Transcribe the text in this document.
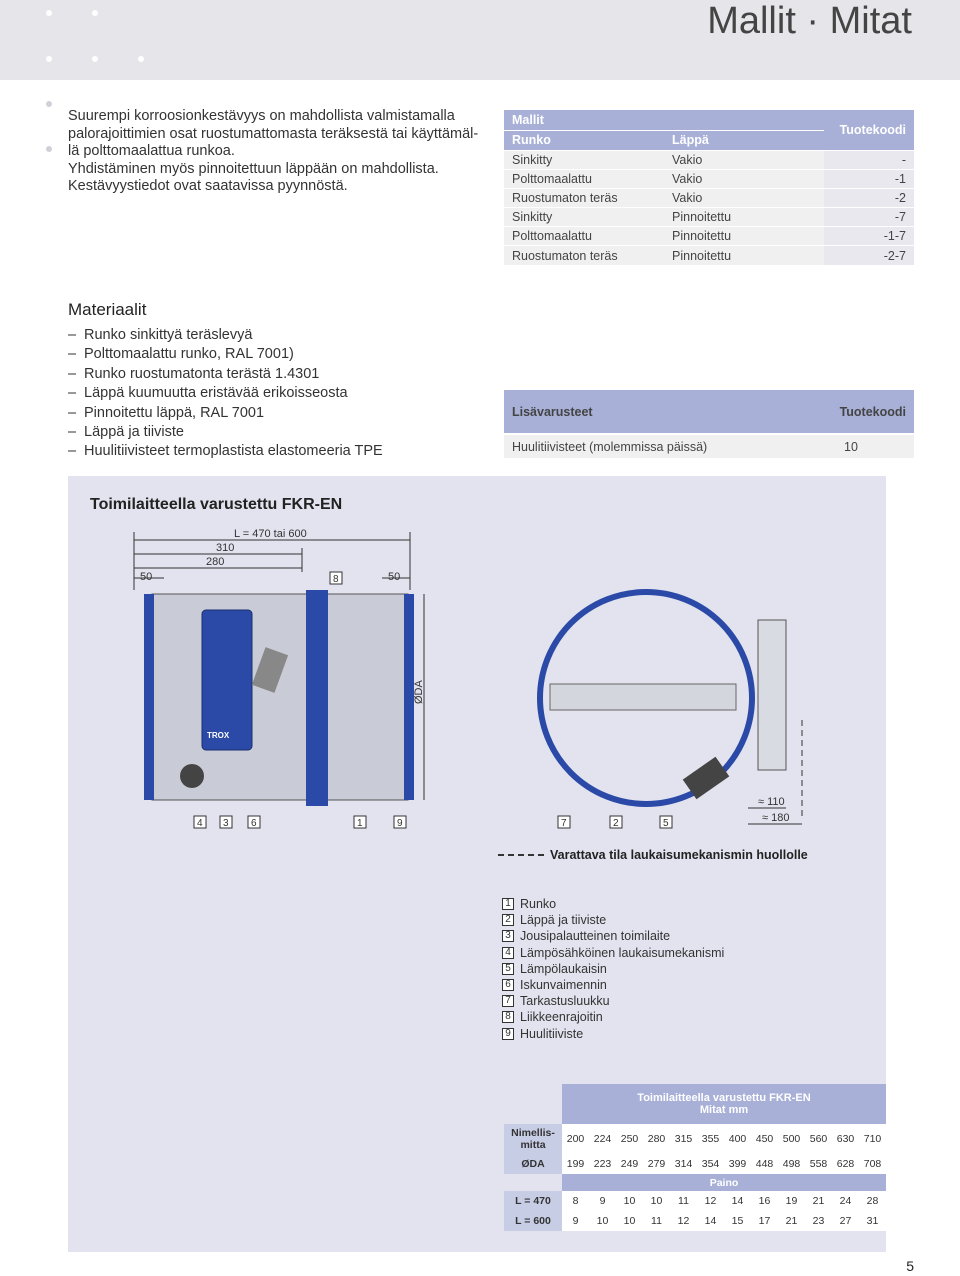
Mallit · Mitat

Suurempi korroosionkestävyys on mahdollista valmistamalla

palorajoittimien osat ruostumattomasta teräksestä tai käyttämäl-

lä polttomaalattua runkoa.

Yhdistäminen myös pinnoitettuun läppään on mahdollista.

Kestävyystiedot ovat saatavissa pyynnöstä.

Materiaalit
– Runko sinkittyä teräslevyä
– Polttomaalattu runko, RAL 7001)
– Runko ruostumatonta terästä 1.4301
– Läppä kuumuutta eristävää erikoisseosta
– Pinnoitettu läppä, RAL 7001
– Läppä ja tiiviste
– Huulitiivisteet termoplastista elastomeeria TPE
Mallit		Tuotekoodi
Runko	Läppä	
Sinkitty	Vakio	-
Polttomaalattu	Vakio	-1
Ruostumaton teräs	Vakio	-2
Sinkitty	Pinnoitettu	-7
Polttomaalattu	Pinnoitettu	-1-7
Ruostumaton teräs	Pinnoitettu	-2-7
Lisävarusteet	Tuotekoodi
Huulitiivisteet (molemmissa päissä)	10
Toimilaitteella varustettu FKR-EN
L = 470 tai 600
310
280
50	50
8
TROX
ØDA
≈ 110
≈ 180
4 3 6	1	9	7	2	5
Varattava tila laukaisumekanismin huollolle
1 Runko
2 Läppä ja tiiviste
3 Jousipalautteinen toimilaite
4 Lämpösähköinen laukaisumekanismi
5 Lämpölaukaisin
6 Iskunvaimennin
7 Tarkastusluukku
8 Liikkeenrajoitin
9 Huulitiiviste

	Toimilaitteella varustettu FKR-EN
Mitat mm											

Nimellis-mitta	200	224	250	280	315	355	400	450	500	560	630	710
ØDA	199	223	249	279	314	354	399	448	498	558	628	708
	Paino											
L = 470	8	9	10	10	11	12	14	16	19	21	24	28
L = 600	9	10	10	11	12	14	15	17	21	23	27	31
5
